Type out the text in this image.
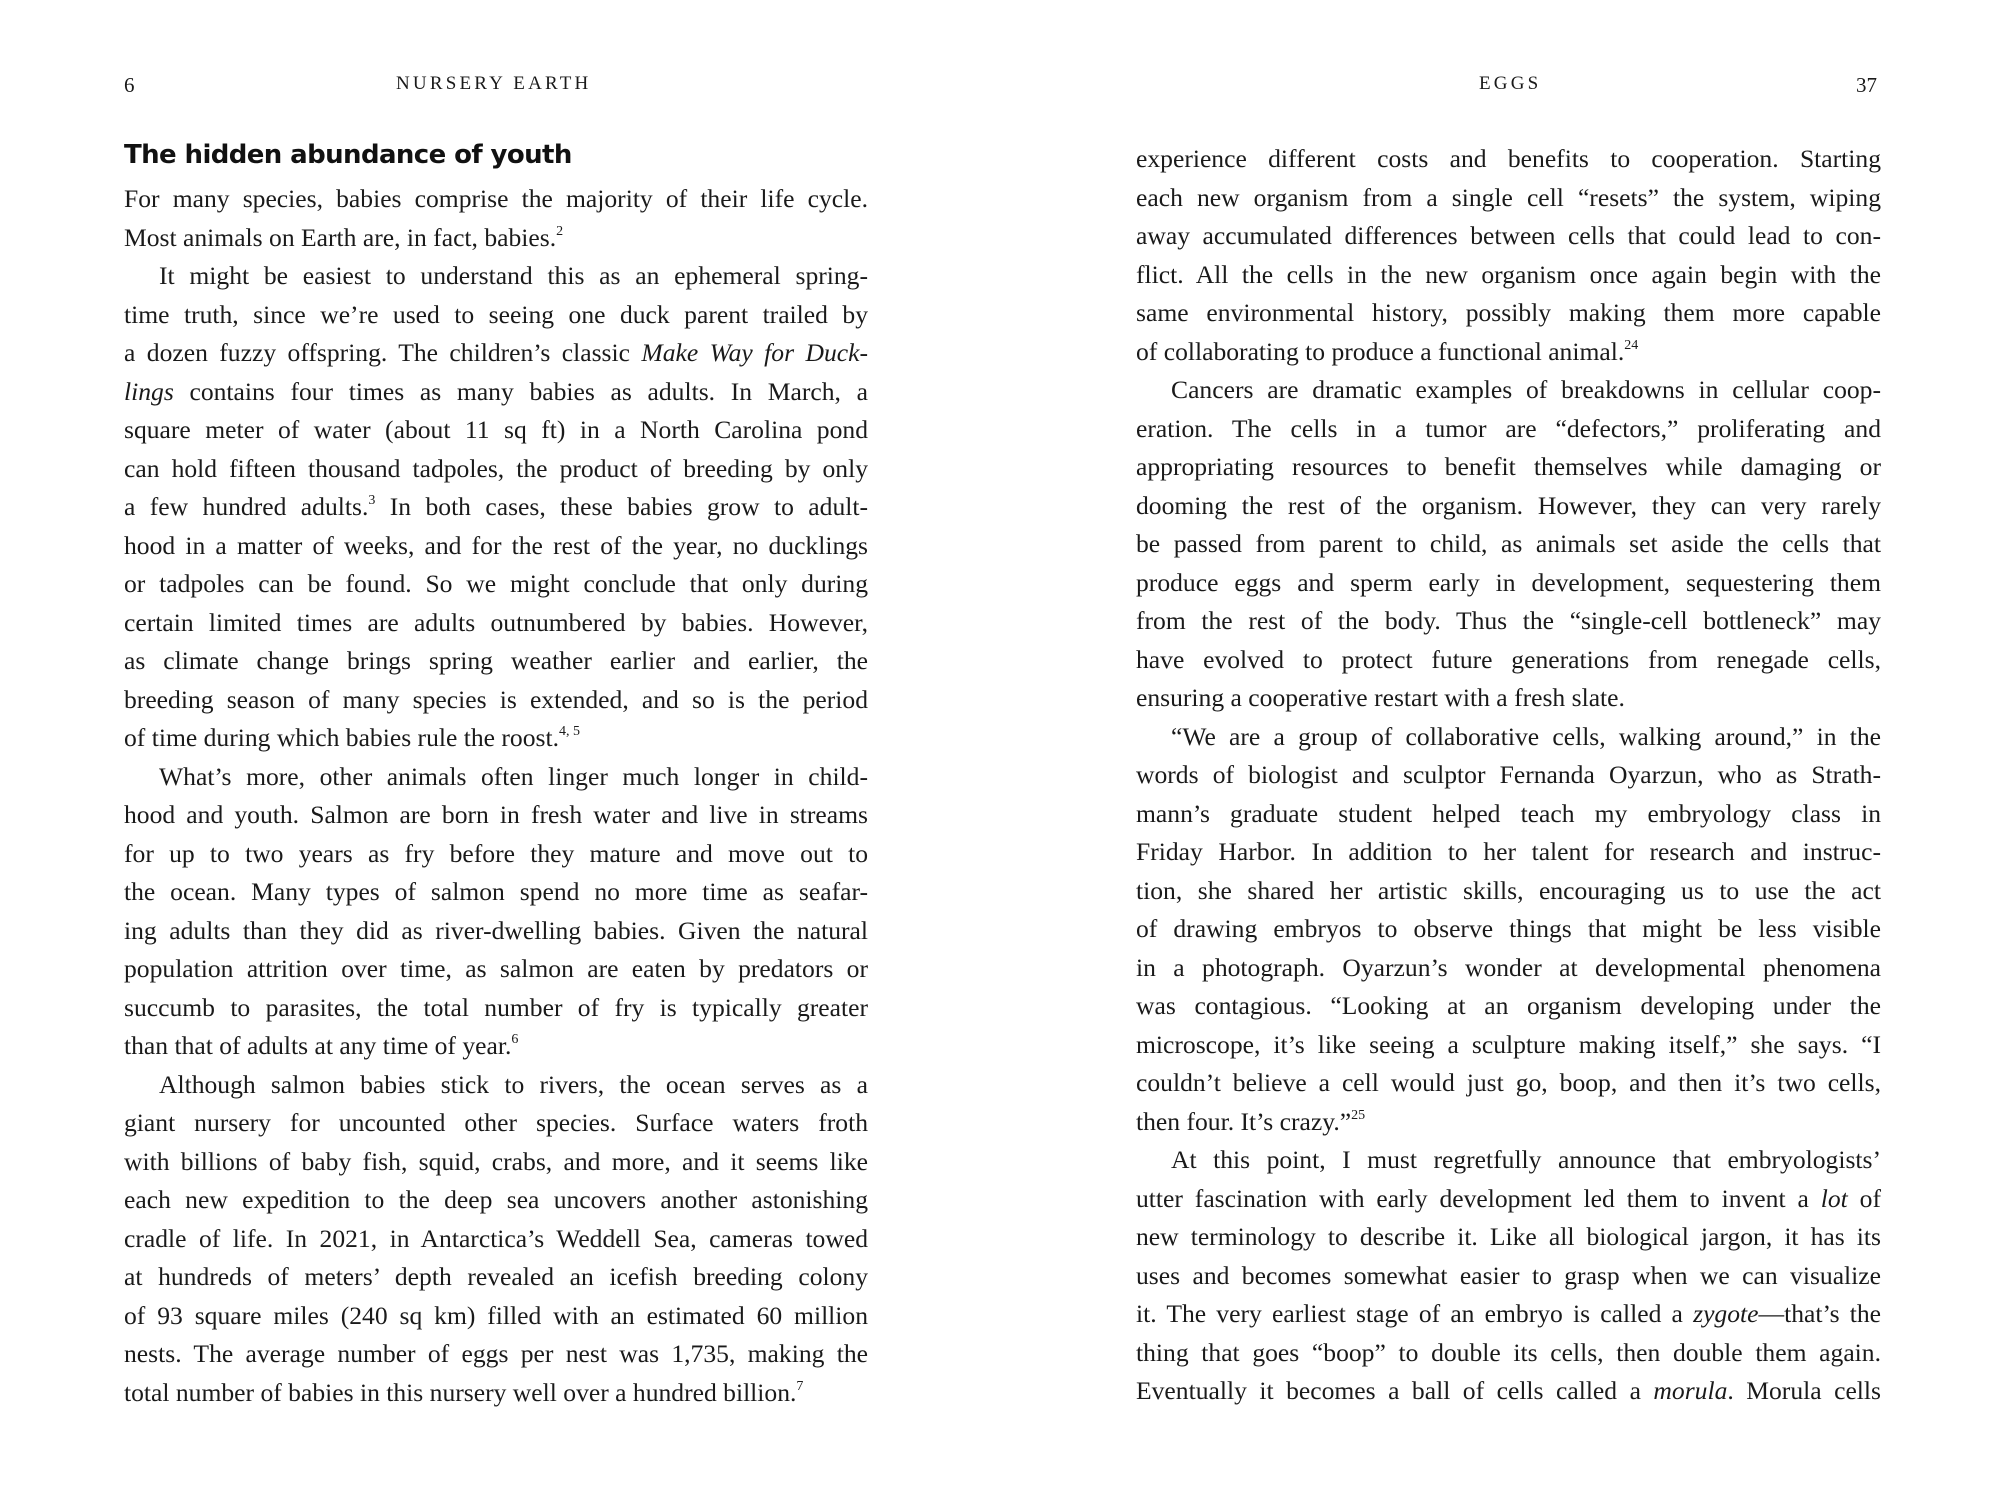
6	NURSERY EARTH
The hidden abundance of youth
For many species, babies comprise the majority of their life cycle.
Most animals on Earth are, in fact, babies.$^2$
It might be easiest to understand this as an ephemeral spring-
time truth, since we’re used to seeing one duck parent trailed by
a dozen fuzzy offspring. The children’s classic Make Way for Duck-
lings contains four times as many babies as adults. In March, a
square meter of water (about 11 sq ft) in a North Carolina pond
can hold fifteen thousand tadpoles, the product of breeding by only
a few hundred adults.$^3$ In both cases, these babies grow to adult-
hood in a matter of weeks, and for the rest of the year, no ducklings
or tadpoles can be found. So we might conclude that only during
certain limited times are adults outnumbered by babies. However,
as climate change brings spring weather earlier and earlier, the
breeding season of many species is extended, and so is the period
of time during which babies rule the roost.$^{4, 5}$
What’s more, other animals often linger much longer in child-
hood and youth. Salmon are born in fresh water and live in streams
for up to two years as fry before they mature and move out to
the ocean. Many types of salmon spend no more time as seafar-
ing adults than they did as river-dwelling babies. Given the natural
population attrition over time, as salmon are eaten by predators or
succumb to parasites, the total number of fry is typically greater
than that of adults at any time of year.$^6$
Although salmon babies stick to rivers, the ocean serves as a
giant nursery for uncounted other species. Surface waters froth
with billions of baby fish, squid, crabs, and more, and it seems like
each new expedition to the deep sea uncovers another astonishing
cradle of life. In 2021, in Antarctica’s Weddell Sea, cameras towed
at hundreds of meters’ depth revealed an icefish breeding colony
of 93 square miles (240 sq km) filled with an estimated 60 million
nests. The average number of eggs per nest was 1,735, making the
total number of babies in this nursery well over a hundred billion.$^7$
EGGS	37
experience different costs and benefits to cooperation. Starting
each new organism from a single cell “resets” the system, wiping
away accumulated differences between cells that could lead to con-
flict. All the cells in the new organism once again begin with the
same environmental history, possibly making them more capable
of collaborating to produce a functional animal.$^{24}$
Cancers are dramatic examples of breakdowns in cellular coop-
eration. The cells in a tumor are “defectors,” proliferating and
appropriating resources to benefit themselves while damaging or
dooming the rest of the organism. However, they can very rarely
be passed from parent to child, as animals set aside the cells that
produce eggs and sperm early in development, sequestering them
from the rest of the body. Thus the “single-cell bottleneck” may
have evolved to protect future generations from renegade cells,
ensuring a cooperative restart with a fresh slate.
“We are a group of collaborative cells, walking around,” in the
words of biologist and sculptor Fernanda Oyarzun, who as Strath-
mann’s graduate student helped teach my embryology class in
Friday Harbor. In addition to her talent for research and instruc-
tion, she shared her artistic skills, encouraging us to use the act
of drawing embryos to observe things that might be less visible
in a photograph. Oyarzun’s wonder at developmental phenomena
was contagious. “Looking at an organism developing under the
microscope, it’s like seeing a sculpture making itself,” she says. “I
couldn’t believe a cell would just go, boop, and then it’s two cells,
then four. It’s crazy.”$^{25}$
At this point, I must regretfully announce that embryologists’
utter fascination with early development led them to invent a lot of
new terminology to describe it. Like all biological jargon, it has its
uses and becomes somewhat easier to grasp when we can visualize
it. The very earliest stage of an embryo is called a zygote—that’s the
thing that goes “boop” to double its cells, then double them again.
Eventually it becomes a ball of cells called a morula. Morula cells
